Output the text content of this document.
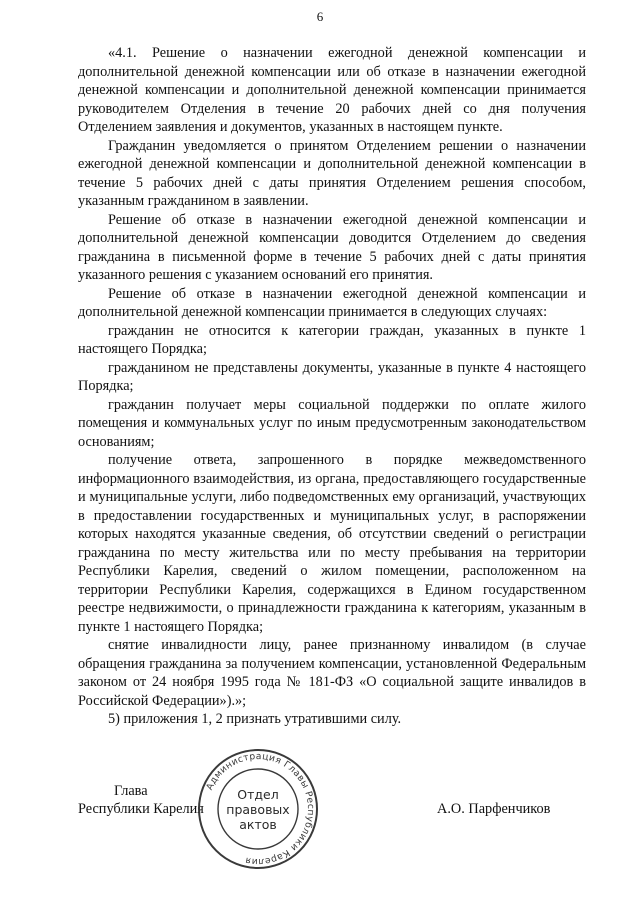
6

«4.1. Решение о назначении ежегодной денежной компенсации и дополнительной денежной компенсации или об отказе в назначении ежегодной денежной компенсации и дополнительной денежной компенсации принимается руководителем Отделения в течение 20 рабочих дней со дня получения Отделением заявления и документов, указанных в настоящем пункте.

Гражданин уведомляется о принятом Отделением решении о назначении ежегодной денежной компенсации и дополнительной денежной компенсации в течение 5 рабочих дней с даты принятия Отделением решения способом, указанным гражданином в заявлении.

Решение об отказе в назначении ежегодной денежной компенсации и дополнительной денежной компенсации доводится Отделением до сведения гражданина в письменной форме в течение 5 рабочих дней с даты принятия указанного решения с указанием оснований его принятия.

Решение об отказе в назначении ежегодной денежной компенсации и дополнительной денежной компенсации принимается в следующих случаях:

гражданин не относится к категории граждан, указанных в пункте 1 настоящего Порядка;

гражданином не представлены документы, указанные в пункте 4 настоящего Порядка;

гражданин получает меры социальной поддержки по оплате жилого помещения и коммунальных услуг по иным предусмотренным законодательством основаниям;

получение ответа, запрошенного в порядке межведомственного информационного взаимодействия, из органа, предоставляющего государственные и муниципальные услуги, либо подведомственных ему организаций, участвующих в предоставлении государственных и муниципальных услуг, в распоряжении которых находятся указанные сведения, об отсутствии сведений о регистрации гражданина по месту жительства или по месту пребывания на территории Республики Карелия, сведений о жилом помещении, расположенном на территории Республики Карелия, содержащихся в Едином государственном реестре недвижимости, о принадлежности гражданина к категориям, указанным в пункте 1 настоящего Порядка;

снятие инвалидности лицу, ранее признанному инвалидом (в случае обращения гражданина за получением компенсации, установленной Федеральным законом от 24 ноября 1995 года № 181-ФЗ «О социальной защите инвалидов в Российской Федерации»).»;

5) приложения 1, 2 признать утратившими силу.

Глава
Республики Карелия	А.О. Парфенчиков
Администрация Главы Республики Карелия
Отдел
правовых
актов
